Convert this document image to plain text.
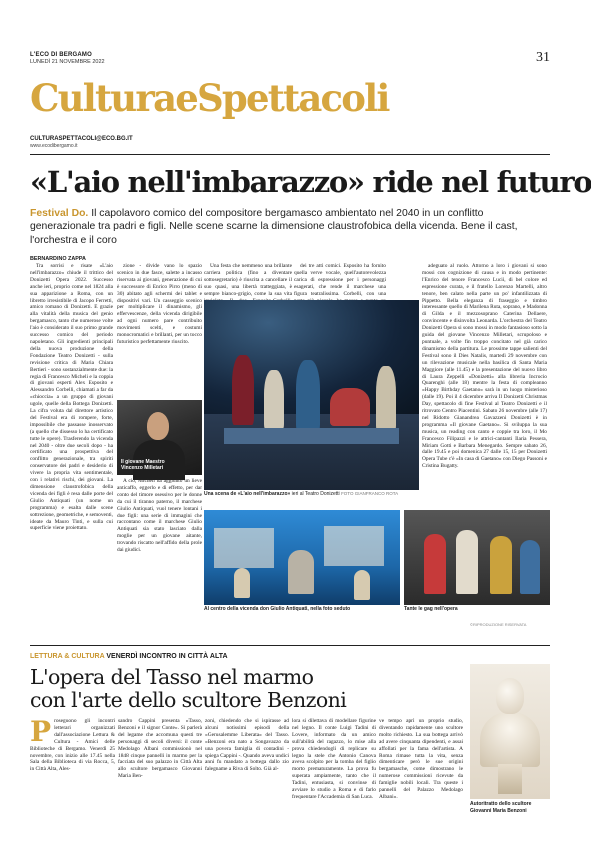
L'ECO DI BERGAMO
LUNEDÌ 21 NOVEMBRE 2022	31
CulturaeSpettacoli
CULTURASPETTACOLI@ECO.BG.IT
www.ecodibergamo.it
«L'aio nell'imbarazzo» ride nel futuro
Festival Do. Il capolavoro comico del compositore bergamasco ambientato nel 2040 in un conflitto generazionale tra padri e figli. Nelle scene scarne la dimensione claustrofobica della vicenda. Bene il cast, l'orchestra e il coro
BERNARDINO ZAPPA

Tra sorrisi e risate «L'aio nell'imbarazzo» chiude il trittico del Donizetti Opera 2022. Successo anche ieri, proprio come nel 1824 alla sua apparizione a Roma, con un libretto irresistibile di Jacopo Ferretti, amico romano di Donizetti. E grazie alla vitalità della musica del genio bergamasco, tanto che numerose volte l'aio è considerato il suo primo grande successo comico del periodo napoletano. Gli ingredienti principali della nuova produzione della Fondazione Teatro Donizetti - sulla revisione critica di Maria Chiara Bertieri - sono sostanzialmente due: la regia di Francesco Micheli e la coppia di giovani esperti Alex Esposito e Alessandro Corbelli, chiamati a far da «chioccia» a un gruppo di giovani ugole, quelle della Bottega Donizetti. La cifra voluta dal direttore artistico del Festival era di rompere, forte, impossibile che passasse inosservato (a quello che dissesso lo ha certificato tutte le opere). Trasferendo la vicenda nel 2040 - oltre due secoli dopo - ha certificato una prospettiva del conflitto generazionale, tra spiriti conservatore dei padri e desiderio di vivere la propria vita sentimentale, con i relativi rischi, dei giovani. La dimensione claustrofobica della vicenda dei figli è resa dalle porte del Giulio Antiquati (un nome un programma) e esalta dalle scene sottrezione, geometriche, e semoventi, ideate da Mauro Tinti, e sulla cui superficie viene proiettato.

zione - divide vano lo spazio scenico in due fasce, salette a incasso riservata ai giovani, generazione di cui è successore di Enrico Pirro (meno di 30) abitato agli schermi dei tablet e dispositivi vari. Un casseggio scenico per moltiplicare il dinamismo, gli effervescenze, della vicenda dirigibile ad ogni numero pare contribuito movimenti scelti, e costumi monocromatici e brillanti, per un tocco futuristico perfettamente riuscito.

Il giovane Maestro
Vincenzo Milletari

A ciò, Micheli ha aggiunto un lieve anticaffo, eggerlo e di effetto, per dar conto del timore osessivo per le donne da cui il tiranno paterno, il marchese Giulio Antiquati, vuol tenere lontani i due figli: una serie di immagini che raccontano come il marchese Giulio Antiquati sia stato lasciato dalla moglie per un giovane aitante, trovando riscatto nell'affido della prole dai giudici.

Una festa che nemmeno una brillante carriera politica (fino a diventare sottosegretario) è riuscita a cancellare il suo quasi, una libertà tratteggiata, è sempre bianco-grigio, come la sua vita

dei tre atti comici. Esposito ha fornito quella verve vocale, quell'autorevolezza carica di espressione per i personaggi esagerati, che rende il marchese una figura teatralissima. Corbelli, con una

adeguato al ruolo. Attorno a loro i giovani si sono mossi con cognizione di causa e in modo pertinente: l'Enrico del tenore Francesco Lucii, di bel colore ed espressione curata, e il fratello Lorenzo Martelli, altro tenore, ben calato nella parte un po' infantilizzata di Pippetto. Bella eleganza di fraseggio e timbro interessante quello di Marilena Ruta, soprano, e Madonna di Gilda e il mezzosoprano Caterina Dellaere, convincente e disinvolta Leonarda. L'orchestra del Teatro Donizetti Opera si sono mossi in modo fantasioso sotto la guida del giovane Vincenzo Milletari, scrupoloso e puntuale, a volte fin troppo concitato nel già carico dinamismo della partitura. Le prossime tappe salienti del Festival sono il Dies Natalis, martedì 29 novembre con un rilevazione musicale nella basilica di Santa Maria Maggiore (alle 11.45) e la presentazione del nuovo libro di Laura Zeppelli «Donizetti» alla libreria Incrocio Quarenghi (alle 18) mentre la festa di compleanno «Happy Birthday Gaetano» sarà in un luogo misterioso (dalle 19). Poi il 4 dicembre arriva Il Donizetti Christmas Day, spettacolo di fine Festival al Teatro Donizetti e il ritrovato Centro Piacentini. Sabato 26 novembre (alle 17) nel Ridotto Gianandrea Gavazzeni Donizetti è in programma «Il giovane Gaetano». Si sviluppa la sua musica, un reading con canto e coppie tra loro, il Mo Francesco Filipazzi e le attrici-cantanti Ilaria Pessera, Miriam Gotti e Barbara Menegardo. Sempre sabato 26, dalle 19.45 e poi domenica 27 dalle 15, 15 per Donizetti Opera Tube c'è «In casa di Gaetano» con Diego Passoni e Cristina Bugatty.

Una scena de «L'aio nell'imbarazzo» ieri al Teatro Donizetti FOTO GIANFRANCO ROTA
Al centro della vicenda don Giulio Antiquati, nella foto seduto	Tante le gag nell'opera
©RIPRODUZIONE RISERVATA
LETTURA & CULTURA VENERDÌ INCONTRO IN CITTÀ ALTA
L'opera del Tasso nel marmo
con l'arte dello scultore Benzoni
Proseguono gli incontri letterari organizzati dall'associazione Lettura & Cultura - Amici delle Biblioteche di Bergamo. Venerdì 25 novembre, con inizio alle 17.45 nella Sala della Biblioteca di via Rocca, 5, in Città Alta, Ales-
sandro Cappini presenta «Tasso, Benzoni e il signor Conte». Si parlerà del legame che accomuna questi tre personaggi di secoli diversi: il conte Medolago Albani commissionò nel 1848 cinque pannelli in marmo per la facciata del suo palazzo in Città Alta allo scultore bergamasco Giovanni Maria Ben-
zoni, chiedendo che si ispirasse ad alcuni notissimi episodi della «Gerusalemme Liberata» del Tasso. «Benzoni era nato a Songavazzo da una povera famiglia di contadini - spiega Cappini -. Quando aveva undici anni fu mandato a bottega dallo zio falegname a Riva di Solto. Già al-
lora si dilettava di modellare figurine nel legno. Il conte Luigi Tadini di Lovere, informato da un amico sull'abilità del ragazzo, lo mise alla prova chiedendogli di replicare su legno la stele che Antonio Canova aveva scolpito per la tomba del figlio morto prematuramente. La prova fu superata ampiamente, tanto che il Tadini, entusiasta, si convinse di avviare lo studio a Roma e di farlo frequentare l'Accademia di San Luca.
ve tempo aprì un proprio studio, diventando rapidamente uno scultore molto richiesto. La sua bottega arrivò ad avere cinquanta dipendenti, e assai affollati per la fama dell'artista. A Roma rimase tutta la vita, senza dimenticare però le sue origini bergamasche, come dimostrano le numerose commissioni ricevute da famiglie nobili locali. Tra queste i pannelli del Palazzo Medolago Albani».
Autoritratto dello scultore
Giovanni Maria Benzoni
